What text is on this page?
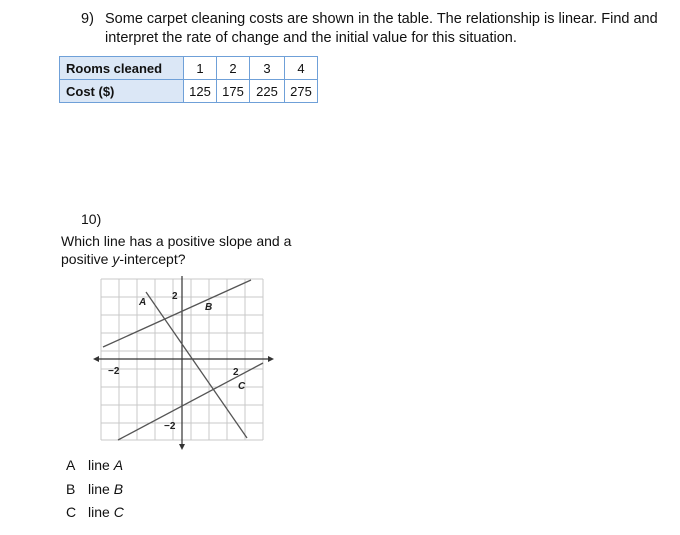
9) Some carpet cleaning costs are shown in the table. The relationship is linear. Find and interpret the rate of change and the initial value for this situation.
Rooms cleaned	1	2	3	4
Cost ($)	125	175	225	275
10)
Which line has a positive slope and a positive y-intercept?
A	B
C
2
−2
−2	2
A line A
B line B
C line C
